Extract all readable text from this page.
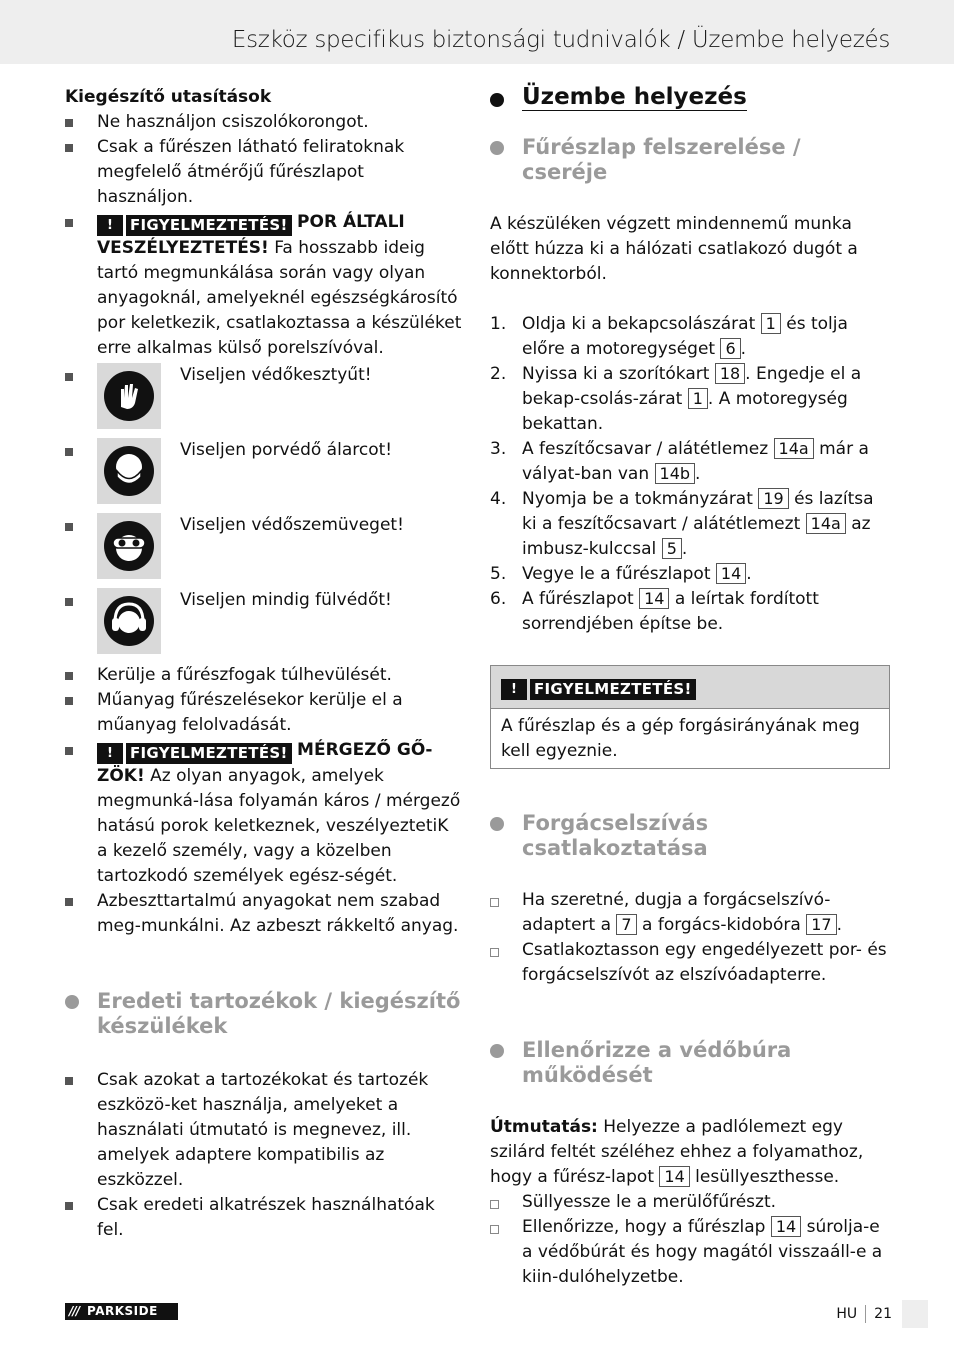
Eszköz specifikus biztonsági tudnivalók / Üzembe helyezés

Kiegészítő utasítások

Ne használjon csiszolókorongot.

Csak a fűrészen látható feliratoknak megfelelő átmérőjű fűrészlapot használjon.

!	FIGYELMEZTETÉS! POR ÁLTALI VESZÉLYEZTETÉS! Fa hosszabb ideig tartó megmunkálása során vagy olyan anyagoknál, amelyeknél egészségkárosító por keletkezik, csatlakoztassa a készüléket erre alkalmas külső porelszívóval.

Viseljen védőkesztyűt!
Viseljen porvédő álarcot!
Viseljen védőszemüveget!
Viseljen mindig fülvédőt!

Kerülje a fűrészfogak túlhevülését.

Műanyag fűrészelésekor kerülje el a műanyag felolvadását.

!	FIGYELMEZTETÉS! MÉRGEZŐ GŐ-ZÖK! Az olyan anyagok, amelyek megmunká-lása folyamán káros / mérgező hatású porok keletkeznek, veszélyeztetiK a kezelő személy, vagy a közelben tartozkodó személyek egész-ségét.

Azbeszttartalmú anyagokat nem szabad meg-munkálni. Az azbeszt rákkeltő anyag.

Eredeti tartozékok / kiegészítő készülékek

Csak azokat a tartozékokat és tartozék eszközö-ket használja, amelyeket a használati útmutató is megnevez, ill. amelyek adaptere kompatibilis az eszközzel.

Csak eredeti alkatrészek használhatóak fel.

Üzembe helyezés

Fűrészlap felszerelése / cseréje

A készüléken végzett mindennemű munka előtt húzza ki a hálózati csatlakozó dugót a konnektorból.

1. Oldja ki a bekapcsolászárat 1 és tolja előre a motoregységet 6 .

2. Nyissa ki a szorítókart 18 . Engedje el a bekap-csolás-zárat 1 . A motoregység bekattan.

3. A feszítőcsavar / alátétlemez 14a már a vályat-ban van 14b .

4. Nyomja be a tokmányzárat 19 és lazítsa ki a feszítőcsavart / alátétlemezt 14a az imbusz-kulccsal 5 .

5. Vegye le a fűrészlapot 14 .

6. A fűrészlapot 14 a leírtak fordított sorrendjében építse be.

!	FIGYELMEZTETÉS!
A fűrészlap és a gép forgásirányának meg kell egyeznie.

Forgácselszívás csatlakoztatása

Ha szeretné, dugja a forgácselszívó-adaptert a 7 a forgács-kidobóra 17 .

Csatlakoztasson egy engedélyezett por- és forgácselszívót az elszívóadapterre.

Ellenőrizze a védőbúra működését

Útmutatás: Helyezze a padlólemezt egy szilárd feltét széléhez ehhez a folyamathoz, hogy a fűrész-lapot 14 lesüllyeszthesse.

Süllyessze le a merülőfűrészt.

Ellenőrizze, hogy a fűrészlap 14 súrolja-e a védőbúrát és hogy magától visszaáll-e a kiin-dulóhelyzetbe.

/// PARKSIDE	HU 21
